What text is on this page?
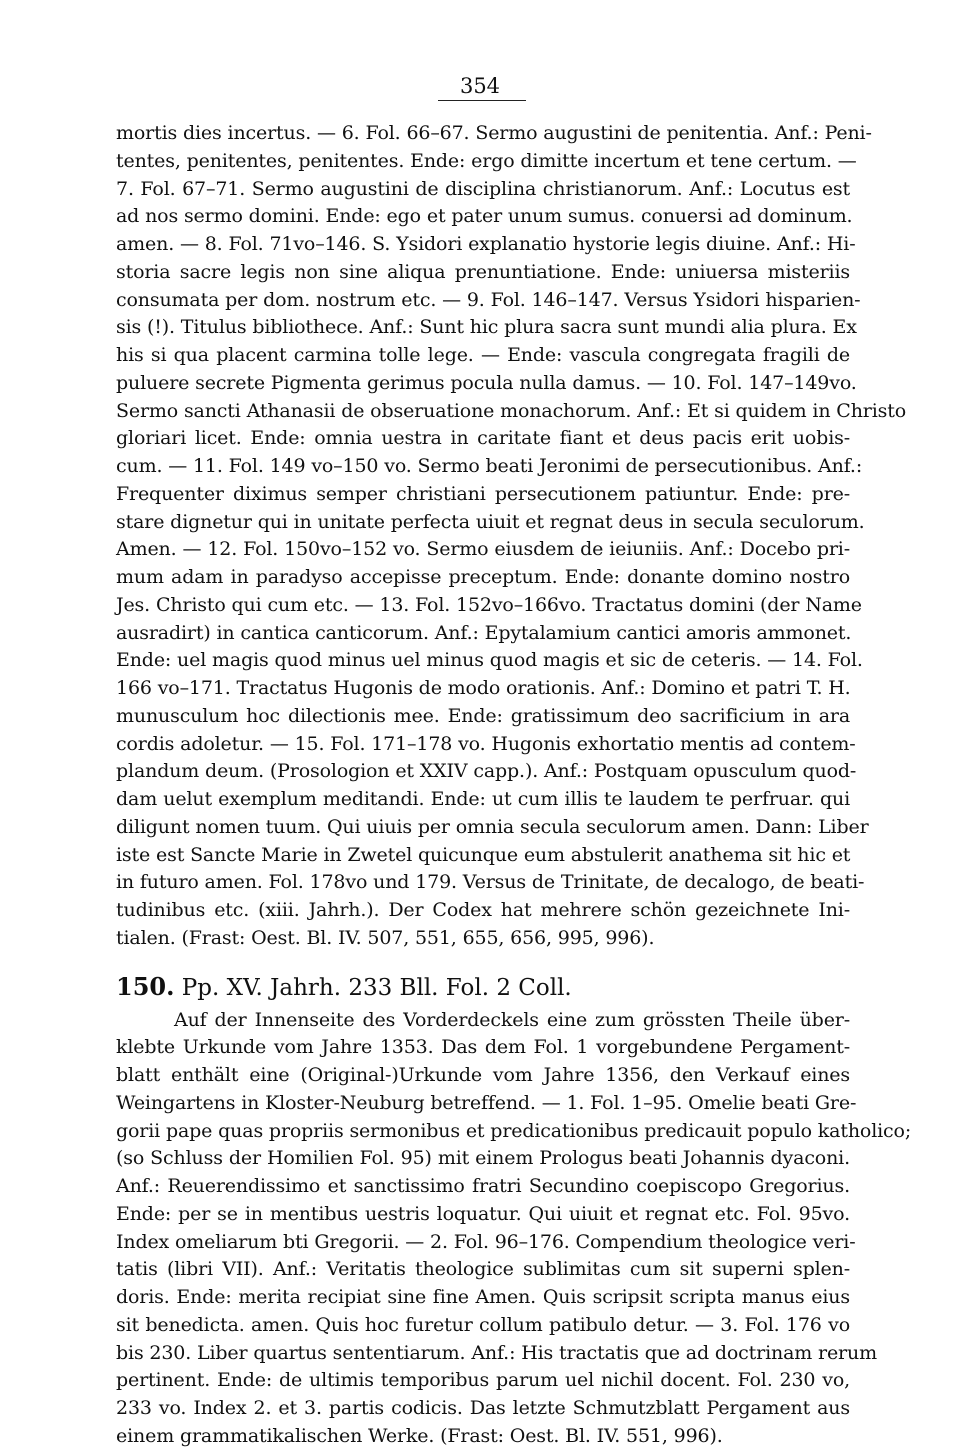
354
mortis dies incertus. — 6. Fol. 66–67. Sermo augustini de penitentia. Anf.: Peni-
tentes, penitentes, penitentes. Ende: ergo dimitte incertum et tene certum. —
7. Fol. 67–71. Sermo augustini de disciplina christianorum. Anf.: Locutus est
ad nos sermo domini. Ende: ego et pater unum sumus. conuersi ad dominum.
amen. — 8. Fol. 71vo–146. S. Ysidori explanatio hystorie legis diuine. Anf.: Hi-
storia sacre legis non sine aliqua prenuntiatione. Ende: uniuersa misteriis
consumata per dom. nostrum etc. — 9. Fol. 146–147. Versus Ysidori hisparien-
sis (!). Titulus bibliothece. Anf.: Sunt hic plura sacra sunt mundi alia plura. Ex
his si qua placent carmina tolle lege. — Ende: vascula congregata fragili de
puluere secrete Pigmenta gerimus pocula nulla damus. — 10. Fol. 147–149vo.
Sermo sancti Athanasii de obseruatione monachorum. Anf.: Et si quidem in Christo
gloriari licet. Ende: omnia uestra in caritate fiant et deus pacis erit uobis-
cum. — 11. Fol. 149 vo–150 vo. Sermo beati Jeronimi de persecutionibus. Anf.:
Frequenter diximus semper christiani persecutionem patiuntur. Ende: pre-
stare dignetur qui in unitate perfecta uiuit et regnat deus in secula seculorum.
Amen. — 12. Fol. 150vo–152 vo. Sermo eiusdem de ieiuniis. Anf.: Docebo pri-
mum adam in paradyso accepisse preceptum. Ende: donante domino nostro
Jes. Christo qui cum etc. — 13. Fol. 152vo–166vo. Tractatus domini (der Name
ausradirt) in cantica canticorum. Anf.: Epytalamium cantici amoris ammonet.
Ende: uel magis quod minus uel minus quod magis et sic de ceteris. — 14. Fol.
166 vo–171. Tractatus Hugonis de modo orationis. Anf.: Domino et patri T. H.
munusculum hoc dilectionis mee. Ende: gratissimum deo sacrificium in ara
cordis adoletur. — 15. Fol. 171–178 vo. Hugonis exhortatio mentis ad contem-
plandum deum. (Prosologion et XXIV capp.). Anf.: Postquam opusculum quod-
dam uelut exemplum meditandi. Ende: ut cum illis te laudem te perfruar. qui
diligunt nomen tuum. Qui uiuis per omnia secula seculorum amen. Dann: Liber
iste est Sancte Marie in Zwetel quicunque eum abstulerit anathema sit hic et
in futuro amen. Fol. 178vo und 179. Versus de Trinitate, de decalogo, de beati-
tudinibus etc. (xiii. Jahrh.). Der Codex hat mehrere schön gezeichnete Ini-
tialen. (Frast: Oest. Bl. IV. 507, 551, 655, 656, 995, 996).
150. Pp. XV. Jahrh. 233 Bll. Fol. 2 Coll.
Auf der Innenseite des Vorderdeckels eine zum grössten Theile über-
klebte Urkunde vom Jahre 1353. Das dem Fol. 1 vorgebundene Pergament-
blatt enthält eine (Original-)Urkunde vom Jahre 1356, den Verkauf eines
Weingartens in Kloster-Neuburg betreffend. — 1. Fol. 1–95. Omelie beati Gre-
gorii pape quas propriis sermonibus et predicationibus predicauit populo katholico;
(so Schluss der Homilien Fol. 95) mit einem Prologus beati Johannis dyaconi.
Anf.: Reuerendissimo et sanctissimo fratri Secundino coepiscopo Gregorius.
Ende: per se in mentibus uestris loquatur. Qui uiuit et regnat etc. Fol. 95vo.
Index omeliarum bti Gregorii. — 2. Fol. 96–176. Compendium theologice veri-
tatis (libri VII). Anf.: Veritatis theologice sublimitas cum sit superni splen-
doris. Ende: merita recipiat sine fine Amen. Quis scripsit scripta manus eius
sit benedicta. amen. Quis hoc furetur collum patibulo detur. — 3. Fol. 176 vo
bis 230. Liber quartus sententiarum. Anf.: His tractatis que ad doctrinam rerum
pertinent. Ende: de ultimis temporibus parum uel nichil docent. Fol. 230 vo,
233 vo. Index 2. et 3. partis codicis. Das letzte Schmutzblatt Pergament aus
einem grammatikalischen Werke. (Frast: Oest. Bl. IV. 551, 996).
